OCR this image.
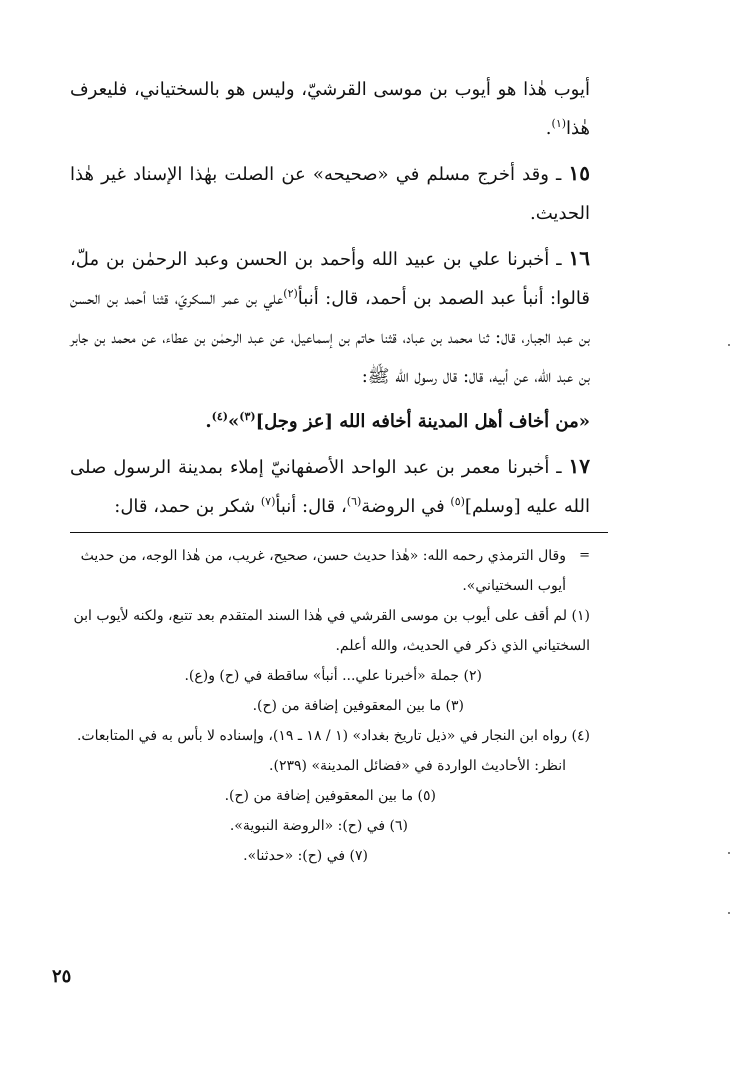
أيوب هٰذا هو أيوب بن موسى القرشيّ، وليس هو بالسختياني، فليعرف هٰذا$^{(١)}$.

١٥ ـ وقد أخرج مسلم في «صحيحه» عن الصلت بهٰذا الإسناد غير هٰذا الحديث.

١٦ ـ أخبرنا علي بن عبيد الله وأحمد بن الحسن وعبد الرحمٰن بن ملّ، قالوا: أنبأ عبد الصمد بن أحمد، قال: أنبأ$^{(٢)}$علي بن عمر السكريّ، قثنا أحمد بن الحسن بن عبد الجبار، قال: ثنا محمد بن عباد، قثنا حاتم بن إسماعيل، عن عبد الرحمٰن بن عطاء، عن محمد بن جابر بن عبد الله، عن أبيه، قال: قال رسول الله ﷺ:

«من أخاف أهل المدينة أخافه الله [عز وجل]$^{(٣)}$»$^{(٤)}$.

١٧ ـ أخبرنا معمر بن عبد الواحد الأصفهانيّ إملاء بمدينة الرسول صلى الله عليه [وسلم]$^{(٥)}$ في الروضة$^{(٦)}$، قال: أنبأ$^{(٧)}$ شكر بن حمد، قال:

=
وقال الترمذي رحمه الله: «هٰذا حديث حسن، صحيح، غريب، من هٰذا الوجه، من حديث أيوب السختياني».

(١) لم أقف على أيوب بن موسى القرشي في هٰذا السند المتقدم بعد تتبع، ولكنه لأيوب ابن السختياني الذي ذكر في الحديث، والله أعلم.

(٢) جملة «أخبرنا علي... أنبأ» ساقطة في (ح) و(ع).

(٣) ما بين المعقوفين إضافة من (ح).

(٤) رواه ابن النجار في «ذيل تاريخ بغداد» (١ / ١٨ ـ ١٩)، وإسناده لا بأس به في المتابعات.

انظر: الأحاديث الواردة في «فضائل المدينة» (٢٣٩).

(٥) ما بين المعقوفين إضافة من (ح).

(٦) في (ح): «الروضة النبوية».

(٧) في (ح): «حدثنا».

٢٥
